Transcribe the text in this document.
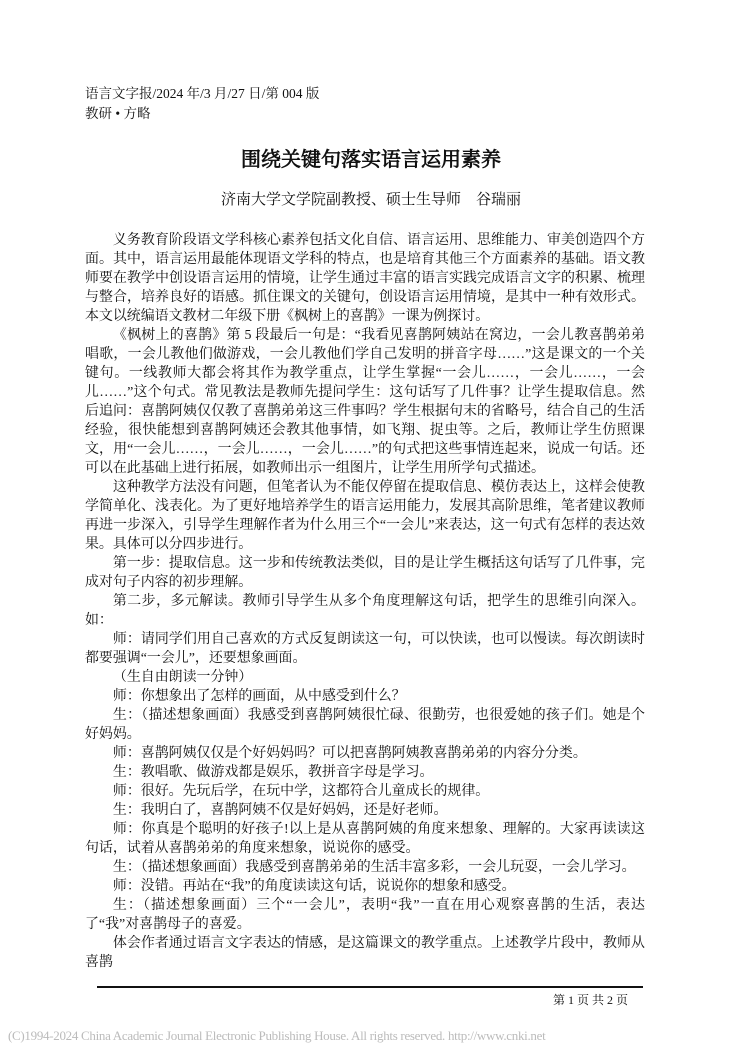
语言文字报/2024 年/3 月/27 日/第 004 版
教研 • 方略
围绕关键句落实语言运用素养
济南大学文学院副教授、硕士生导师　谷瑞丽

义务教育阶段语文学科核心素养包括文化自信、语言运用、思维能力、审美创造四个方面。其中，语言运用最能体现语文学科的特点，也是培育其他三个方面素养的基础。语文教师要在教学中创设语言运用的情境，让学生通过丰富的语言实践完成语言文字的积累、梳理与整合，培养良好的语感。抓住课文的关键句，创设语言运用情境，是其中一种有效形式。本文以统编语文教材二年级下册《枫树上的喜鹊》一课为例探讨。

《枫树上的喜鹊》第 5 段最后一句是：“我看见喜鹊阿姨站在窝边，一会儿教喜鹊弟弟唱歌，一会儿教他们做游戏，一会儿教他们学自己发明的拼音字母……”这是课文的一个关键句。一线教师大都会将其作为教学重点，让学生掌握“一会儿……，一会儿……，一会儿……”这个句式。常见教法是教师先提问学生：这句话写了几件事？让学生提取信息。然后追问：喜鹊阿姨仅仅教了喜鹊弟弟这三件事吗？学生根据句末的省略号，结合自己的生活经验，很快能想到喜鹊阿姨还会教其他事情，如飞翔、捉虫等。之后，教师让学生仿照课文，用“一会儿……，一会儿……，一会儿……”的句式把这些事情连起来，说成一句话。还可以在此基础上进行拓展，如教师出示一组图片，让学生用所学句式描述。

这种教学方法没有问题，但笔者认为不能仅停留在提取信息、模仿表达上，这样会使教学简单化、浅表化。为了更好地培养学生的语言运用能力，发展其高阶思维，笔者建议教师再进一步深入，引导学生理解作者为什么用三个“一会儿”来表达，这一句式有怎样的表达效果。具体可以分四步进行。

第一步：提取信息。这一步和传统教法类似，目的是让学生概括这句话写了几件事，完成对句子内容的初步理解。

第二步，多元解读。教师引导学生从多个角度理解这句话，把学生的思维引向深入。如：

师：请同学们用自己喜欢的方式反复朗读这一句，可以快读，也可以慢读。每次朗读时都要强调“一会儿”，还要想象画面。

（生自由朗读一分钟）

师：你想象出了怎样的画面，从中感受到什么？

生：（描述想象画面）我感受到喜鹊阿姨很忙碌、很勤劳，也很爱她的孩子们。她是个好妈妈。

师：喜鹊阿姨仅仅是个好妈妈吗？可以把喜鹊阿姨教喜鹊弟弟的内容分分类。

生：教唱歌、做游戏都是娱乐，教拼音字母是学习。

师：很好。先玩后学，在玩中学，这都符合儿童成长的规律。

生：我明白了，喜鹊阿姨不仅是好妈妈，还是好老师。

师：你真是个聪明的好孩子!以上是从喜鹊阿姨的角度来想象、理解的。大家再读读这句话，试着从喜鹊弟弟的角度来想象，说说你的感受。

生：（描述想象画面）我感受到喜鹊弟弟的生活丰富多彩，一会儿玩耍，一会儿学习。

师：没错。再站在“我”的角度读读这句话，说说你的想象和感受。

生：（描述想象画面）三个“一会儿”，表明“我”一直在用心观察喜鹊的生活，表达了“我”对喜鹊母子的喜爱。

体会作者通过语言文字表达的情感，是这篇课文的教学重点。上述教学片段中，教师从喜鹊

第 1 页 共 2 页
(C)1994-2024 China Academic Journal Electronic Publishing House. All rights reserved. http://www.cnki.net
